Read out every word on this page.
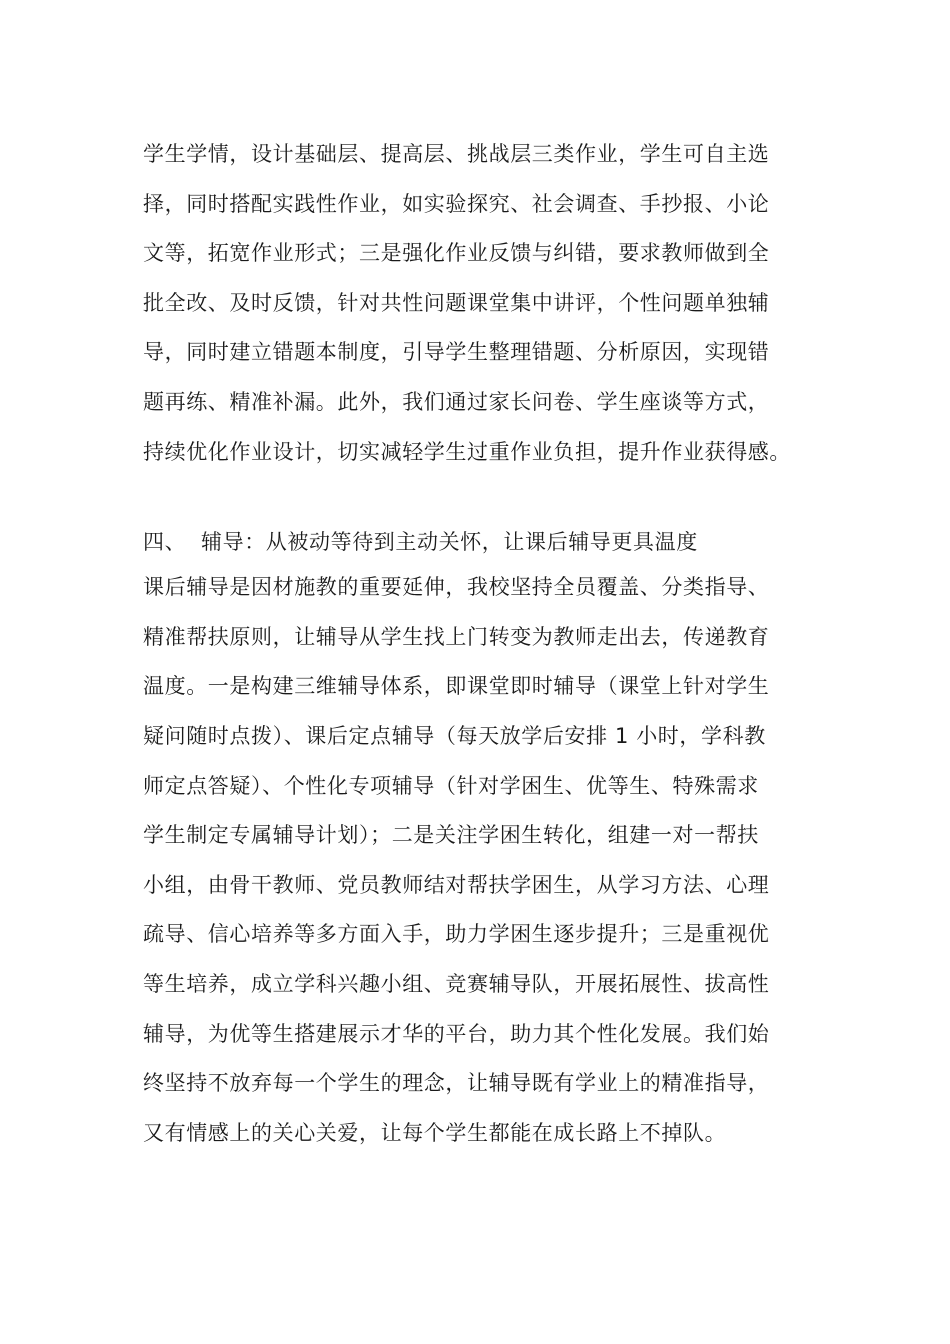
学生学情，设计基础层、提高层、挑战层三类作业，学生可自主选
择，同时搭配实践性作业，如实验探究、社会调查、手抄报、小论
文等，拓宽作业形式；三是强化作业反馈与纠错，要求教师做到全
批全改、及时反馈，针对共性问题课堂集中讲评，个性问题单独辅
导，同时建立错题本制度，引导学生整理错题、分析原因，实现错
题再练、精准补漏。此外，我们通过家长问卷、学生座谈等方式，
持续优化作业设计，切实减轻学生过重作业负担，提升作业获得感。
四、 辅导：从被动等待到主动关怀，让课后辅导更具温度
课后辅导是因材施教的重要延伸，我校坚持全员覆盖、分类指导、
精准帮扶原则，让辅导从学生找上门转变为教师走出去，传递教育
温度。一是构建三维辅导体系，即课堂即时辅导（课堂上针对学生
疑问随时点拨）、课后定点辅导（每天放学后安排 1 小时，学科教
师定点答疑）、个性化专项辅导（针对学困生、优等生、特殊需求
学生制定专属辅导计划）；二是关注学困生转化，组建一对一帮扶
小组，由骨干教师、党员教师结对帮扶学困生，从学习方法、心理
疏导、信心培养等多方面入手，助力学困生逐步提升；三是重视优
等生培养，成立学科兴趣小组、竞赛辅导队，开展拓展性、拔高性
辅导，为优等生搭建展示才华的平台，助力其个性化发展。我们始
终坚持不放弃每一个学生的理念，让辅导既有学业上的精准指导，
又有情感上的关心关爱，让每个学生都能在成长路上不掉队。
